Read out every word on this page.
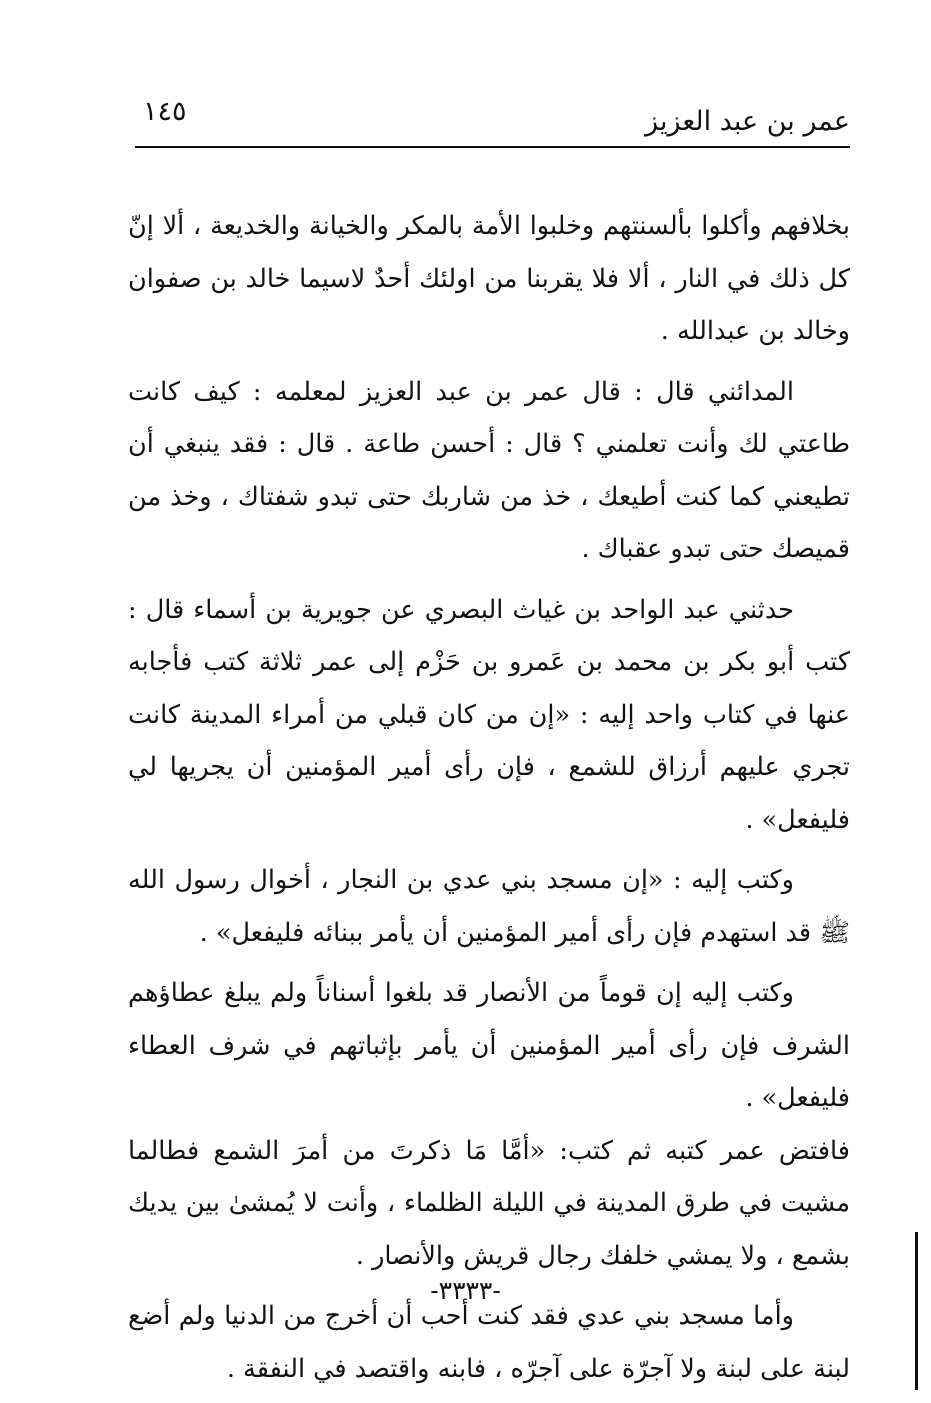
عمر بن عبد العزيز
١٤٥

بخلافهم وأكلوا بألسنتهم وخلبوا الأمة بالمكر والخيانة والخديعة ، ألا إنّ كل ذلك في النار ، ألا فلا يقربنا من اولئك أحدٌ لاسيما خالد بن صفوان وخالد بن عبدالله .

المدائني قال : قال عمر بن عبد العزيز لمعلمه : كيف كانت طاعتي لك وأنت تعلمني ؟ قال : أحسن طاعة . قال : فقد ينبغي أن تطيعني كما كنت أطيعك ، خذ من شاربك حتى تبدو شفتاك ، وخذ من قميصك حتى تبدو عقباك .

حدثني عبد الواحد بن غياث البصري عن جويرية بن أسماء قال : كتب أبو بكر بن محمد بن عَمرو بن حَزْم إلى عمر ثلاثة كتب فأجابه عنها في كتاب واحد إليه : «إن من كان قبلي من أمراء المدينة كانت تجري عليهم أرزاق للشمع ، فإن رأى أمير المؤمنين أن يجريها لي فليفعل» .

وكتب إليه : «إن مسجد بني عدي بن النجار ، أخوال رسول الله ﷺ قد استهدم فإن رأى أمير المؤمنين أن يأمر ببنائه فليفعل» .

وكتب إليه إن قوماً من الأنصار قد بلغوا أسناناً ولم يبلغ عطاؤهم الشرف فإن رأى أمير المؤمنين أن يأمر بإثباتهم في شرف العطاء فليفعل» .

فافتض عمر كتبه ثم كتب: «أمَّا مَا ذكرتَ من أمرَ الشمع فطالما مشيت في طرق المدينة في الليلة الظلماء ، وأنت لا يُمشىٰ بين يديك بشمع ، ولا يمشي خلفك رجال قريش والأنصار .

وأما مسجد بني عدي فقد كنت أحب أن أخرج من الدنيا ولم أضع لبنة على لبنة ولا آجرّة على آجرّه ، فابنه واقتصد في النفقة .

-٣٣٣٣-
